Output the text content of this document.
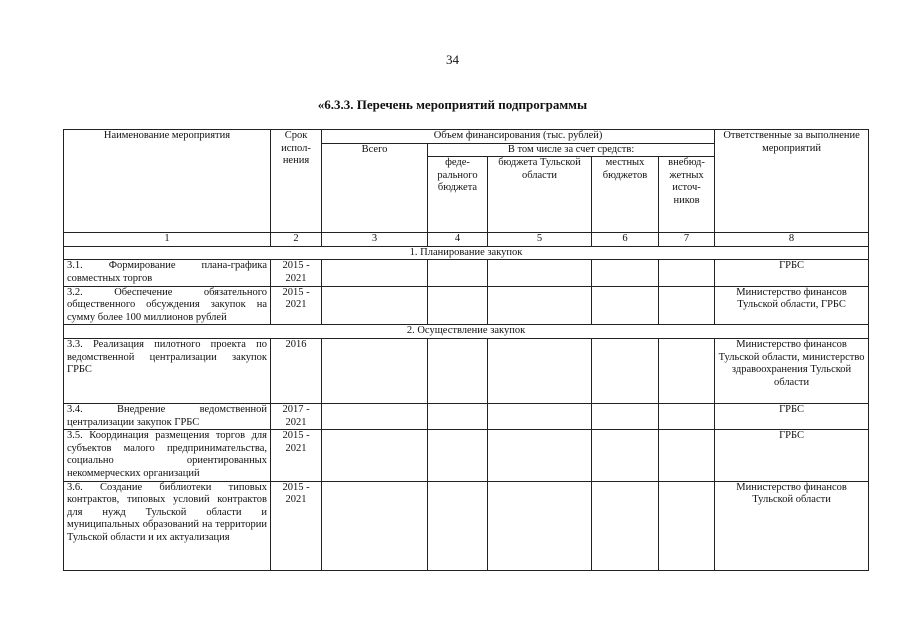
34
«6.3.3. Перечень мероприятий подпрограммы
Наименование мероприятия	Срок испол-нения	Объем финансирования (тыс. рублей)					Ответственные за выполнение мероприятий
		Всего	В том числе за счет средств:				
			феде-рального бюджета	бюджета Тульской области	местных бюджетов	внебюд-жетных источ-ников	
1	2	3	4	5	6	7	8
1. Планирование закупок							
3.1. Формирование плана-графика совместных торгов	2015 - 2021						ГРБС
3.2. Обеспечение обязательного общественного обсуждения закупок на сумму более 100 миллионов рублей	2015 - 2021						Министерство финансов Тульской области, ГРБС
2. Осуществление закупок							
3.3. Реализация пилотного проекта по ведомственной централизации закупок ГРБС	2016						Министерство финансов Тульской области, министерство здравоохранения Тульской области
3.4. Внедрение ведомственной централизации закупок ГРБС	2017 - 2021						ГРБС
3.5. Координация размещения торгов для субъектов малого предпринимательства, социально ориентированных некоммерческих организаций	2015 - 2021						ГРБС
3.6. Создание библиотеки типовых контрактов, типовых условий контрактов для нужд Тульской области и муниципальных образований на территории Тульской области и их актуализация	2015 - 2021						Министерство финансов Тульской области
